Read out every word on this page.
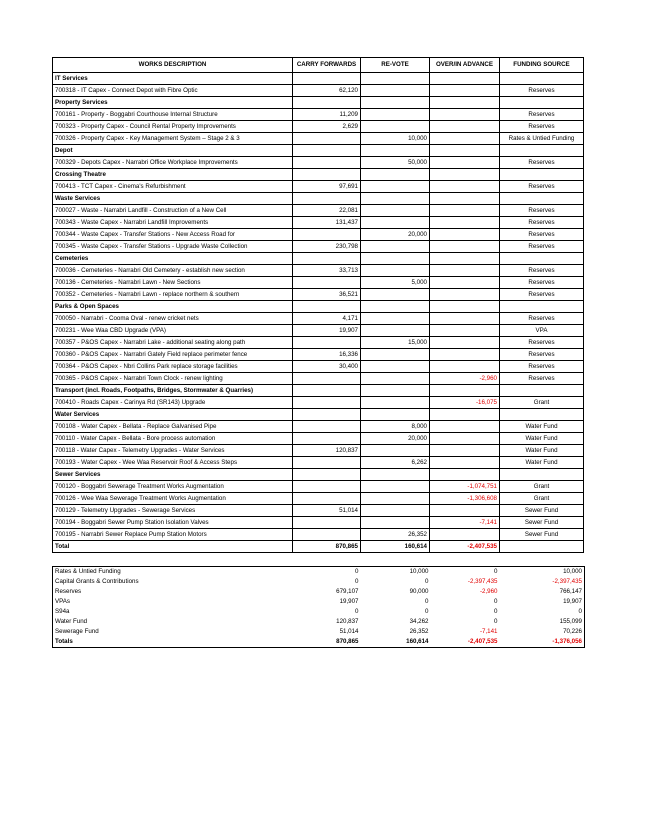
WORKS DESCRIPTION	CARRY FORWARDS	RE-VOTE	OVER/IN ADVANCE	FUNDING SOURCE
IT Services				
700318 - IT Capex - Connect Depot with Fibre Optic	62,120			Reserves
Property Services				
700161 - Property - Boggabri Courthouse Internal Structure	11,209			Reserves
700323 - Property Capex - Council Rental Property Improvements	2,629			Reserves
700326 - Property Capex - Key Management System – Stage 2 & 3		10,000		Rates & Untied Funding
Depot				
700329 - Depots Capex - Narrabri Office Workplace Improvements		50,000		Reserves
Crossing Theatre				
700413 - TCT Capex - Cinema's Refurbishment	97,691			Reserves
Waste Services				
700027 - Waste - Narrabri Landfill - Construction of a New Cell	22,081			Reserves
700343 - Waste Capex - Narrabri Landfill Improvements	131,437			Reserves
700344 - Waste Capex - Transfer Stations - New Access Road for		20,000		Reserves
700345 - Waste Capex - Transfer Stations - Upgrade Waste Collection	230,798			Reserves
Cemeteries				
700036 - Cemeteries - Narrabri Old Cemetery - establish new section	33,713			Reserves
700136 - Cemeteries - Narrabri Lawn - New Sections		5,000		Reserves
700352 - Cemeteries - Narrabri Lawn - replace northern & southern	36,521			Reserves
Parks & Open Spaces				
700050 - Narrabri - Cooma Oval - renew cricket nets	4,171			Reserves
700231 - Wee Waa CBD Upgrade (VPA)	19,907			VPA
700357 - P&OS Capex - Narrabri Lake - additional seating along path		15,000		Reserves
700360 - P&OS Capex - Narrabri Gately Field replace perimeter fence	16,336			Reserves
700364 - P&OS Capex - Nbri Collins Park replace storage facilities	30,400			Reserves
700365 - P&OS Capex - Narrabri Town Clock - renew lighting			-2,960	Reserves
Transport (incl. Roads, Footpaths, Bridges, Stormwater & Quarries)				
700410 - Roads Capex - Carinya Rd (SR143) Upgrade			-16,075	Grant
Water Services				
700108 - Water Capex - Bellata - Replace Galvanised Pipe		8,000		Water Fund
700110 - Water Capex - Bellata - Bore process automation		20,000		Water Fund
700118 - Water Capex - Telemetry Upgrades - Water Services	120,837			Water Fund
700193 - Water Capex - Wee Waa Reservoir Roof & Access Steps		6,262		Water Fund
Sewer Services				
700120 - Boggabri Sewerage Treatment Works Augmentation			-1,074,751	Grant
700126 - Wee Waa Sewerage Treatment Works Augmentation			-1,306,608	Grant
700129 - Telemetry Upgrades - Sewerage Services	51,014			Sewer Fund
700194 - Boggabri Sewer Pump Station Isolation Valves			-7,141	Sewer Fund
700195 - Narrabri Sewer Replace Pump Station Motors		26,352		Sewer Fund
Total	870,865	160,614	-2,407,535	
Rates & Untied Funding	0	10,000	0	10,000
Capital Grants & Contributions	0	0	-2,397,435	-2,397,435
Reserves	679,107	90,000	-2,960	766,147
VPAs	19,907	0	0	19,907
S94a	0	0	0	0
Water Fund	120,837	34,262	0	155,099
Sewerage Fund	51,014	26,352	-7,141	70,226
Totals	870,865	160,614	-2,407,535	-1,376,056
